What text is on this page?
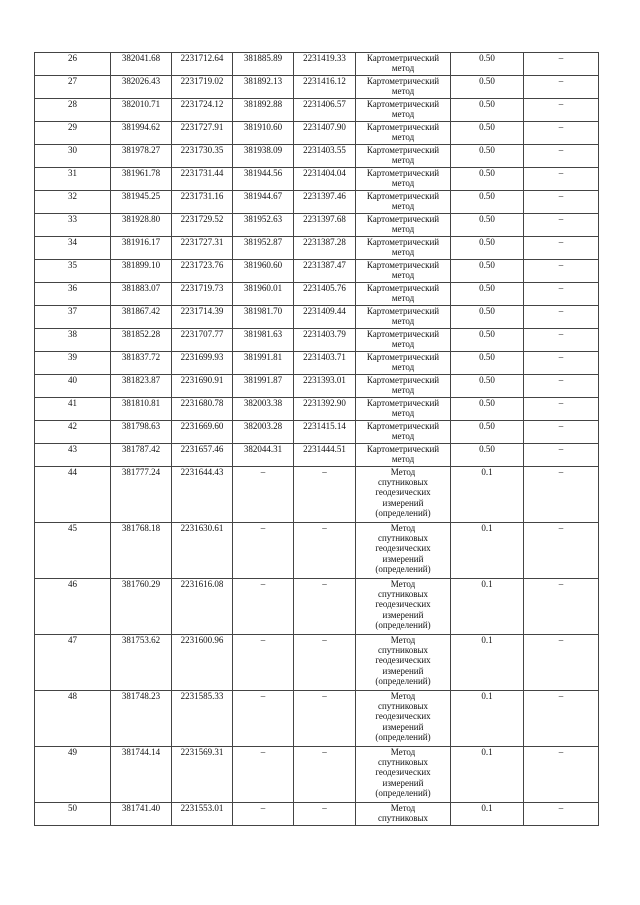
26	382041.68	2231712.64	381885.89	2231419.33	Картометрический
метод	0.50	–
27	382026.43	2231719.02	381892.13	2231416.12	Картометрический
метод	0.50	–
28	382010.71	2231724.12	381892.88	2231406.57	Картометрический
метод	0.50	–
29	381994.62	2231727.91	381910.60	2231407.90	Картометрический
метод	0.50	–
30	381978.27	2231730.35	381938.09	2231403.55	Картометрический
метод	0.50	–
31	381961.78	2231731.44	381944.56	2231404.04	Картометрический
метод	0.50	–
32	381945.25	2231731.16	381944.67	2231397.46	Картометрический
метод	0.50	–
33	381928.80	2231729.52	381952.63	2231397.68	Картометрический
метод	0.50	–
34	381916.17	2231727.31	381952.87	2231387.28	Картометрический
метод	0.50	–
35	381899.10	2231723.76	381960.60	2231387.47	Картометрический
метод	0.50	–
36	381883.07	2231719.73	381960.01	2231405.76	Картометрический
метод	0.50	–
37	381867.42	2231714.39	381981.70	2231409.44	Картометрический
метод	0.50	–
38	381852.28	2231707.77	381981.63	2231403.79	Картометрический
метод	0.50	–
39	381837.72	2231699.93	381991.81	2231403.71	Картометрический
метод	0.50	–
40	381823.87	2231690.91	381991.87	2231393.01	Картометрический
метод	0.50	–
41	381810.81	2231680.78	382003.38	2231392.90	Картометрический
метод	0.50	–
42	381798.63	2231669.60	382003.28	2231415.14	Картометрический
метод	0.50	–
43	381787.42	2231657.46	382044.31	2231444.51	Картометрический
метод	0.50	–
44	381777.24	2231644.43	–	–	Метод
спутниковых
геодезических
измерений
(определений)	0.1	–
45	381768.18	2231630.61	–	–	Метод
спутниковых
геодезических
измерений
(определений)	0.1	–
46	381760.29	2231616.08	–	–	Метод
спутниковых
геодезических
измерений
(определений)	0.1	–
47	381753.62	2231600.96	–	–	Метод
спутниковых
геодезических
измерений
(определений)	0.1	–
48	381748.23	2231585.33	–	–	Метод
спутниковых
геодезических
измерений
(определений)	0.1	–
49	381744.14	2231569.31	–	–	Метод
спутниковых
геодезических
измерений
(определений)	0.1	–
50	381741.40	2231553.01	–	–	Метод
спутниковых	0.1	–
